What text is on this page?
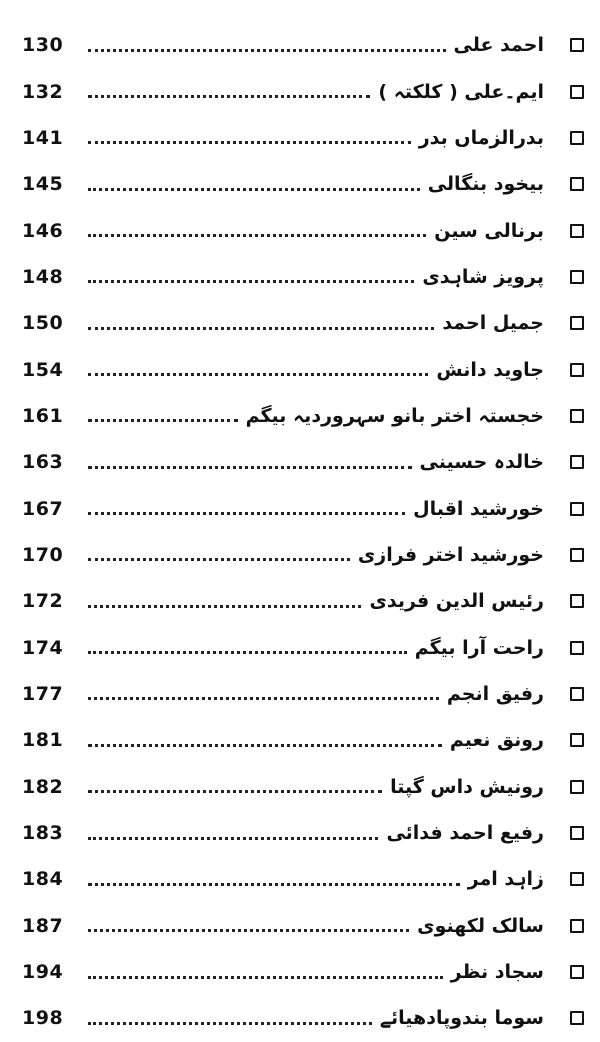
130	احمد علی
132	ایم۔علی ( کلکتہ )
141	بدرالزماں بدر
145	بیخود بنگالی
146	برنالی سین
148	پرویز شاہدی
150	جمیل احمد
154	جاوید دانش
161	خجستہ اختر بانو سہروردیہ بیگم
163	خالدہ حسینی
167	خورشید اقبال
170	خورشید اختر فرازی
172	رئیس الدین فریدی
174	راحت آرا بیگم
177	رفیق انجم
181	رونق نعیم
182	رونیش داس گپتا
183	رفیع احمد فدائی
184	زاہد امر
187	سالک لکھنوی
194	سجاد نظر
198	سوما بندوپادھیائے
